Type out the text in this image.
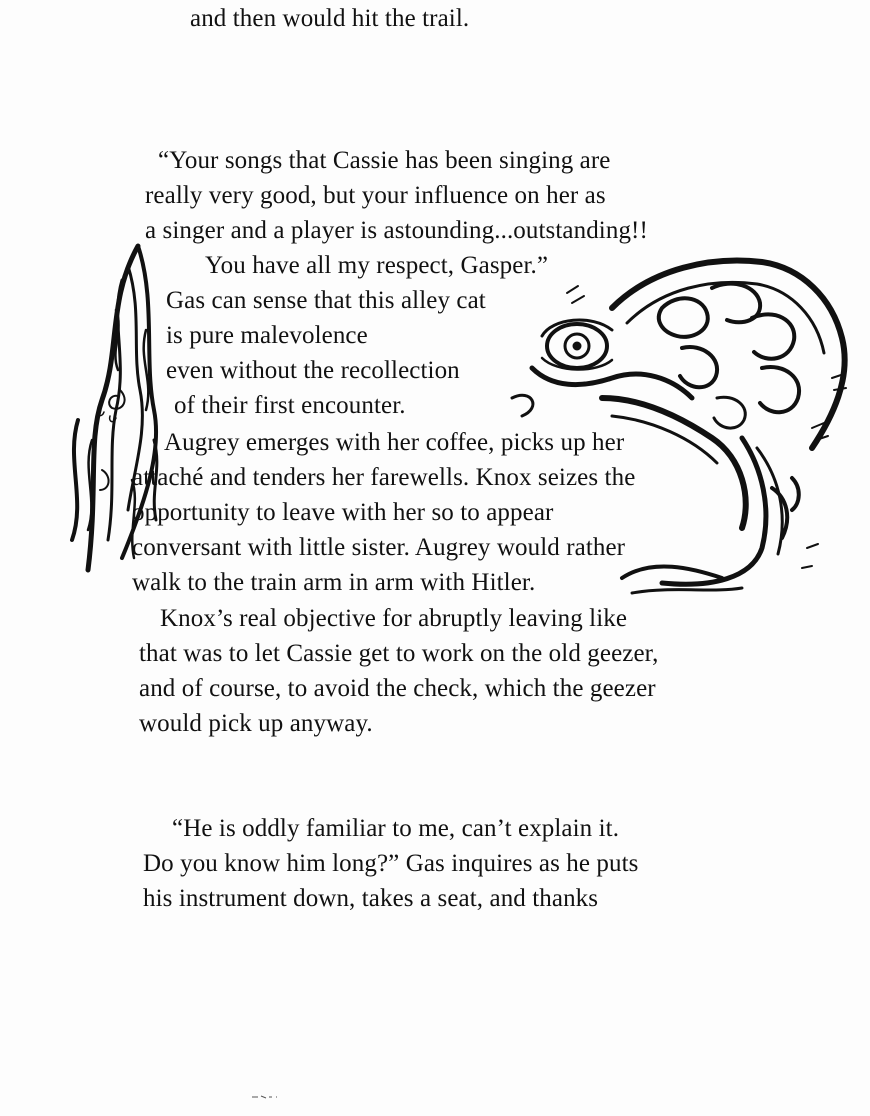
and then would hit the trail.
“Your songs that Cassie has been singing are
really very good, but your influence on her as
a singer and a player is astounding...outstanding!!
You have all my respect, Gasper.”
Gas can sense that this alley cat
is pure malevolence
even without the recollection
of their first encounter.
Augrey emerges with her coffee, picks up her
attaché and tenders her farewells. Knox seizes the
opportunity to leave with her so to appear
conversant with little sister. Augrey would rather
walk to the train arm in arm with Hitler.
Knox’s real objective for abruptly leaving like
that was to let Cassie get to work on the old geezer,
and of course, to avoid the check, which the geezer
would pick up anyway.
“He is oddly familiar to me, can’t explain it.
Do you know him long?” Gas inquires as he puts
his instrument down, takes a seat, and thanks
